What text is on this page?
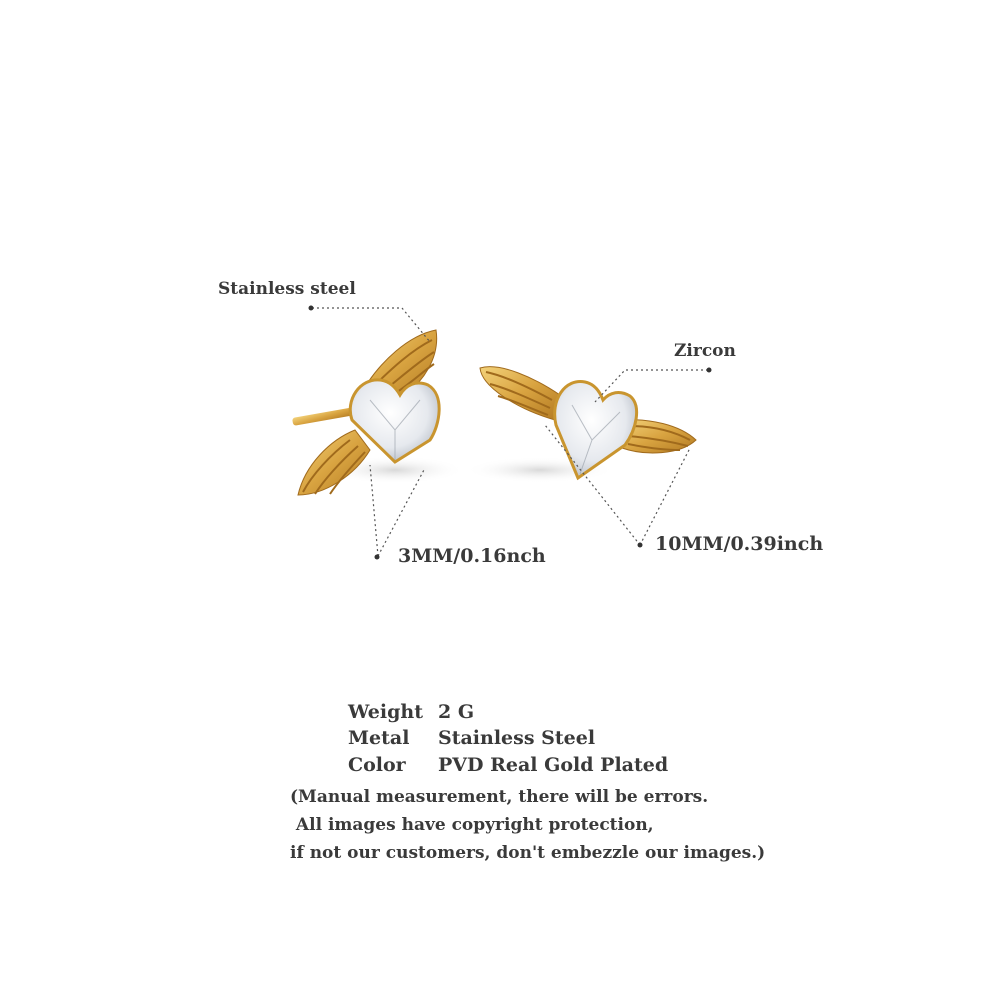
Stainless steel
Zircon
3MM/0.16nch
10MM/0.39inch
Weight 2 G
Metal Stainless Steel
Color PVD Real Gold Plated
(Manual measurement, there will be errors.
All images have copyright protection,
if not our customers, don't embezzle our images.)
